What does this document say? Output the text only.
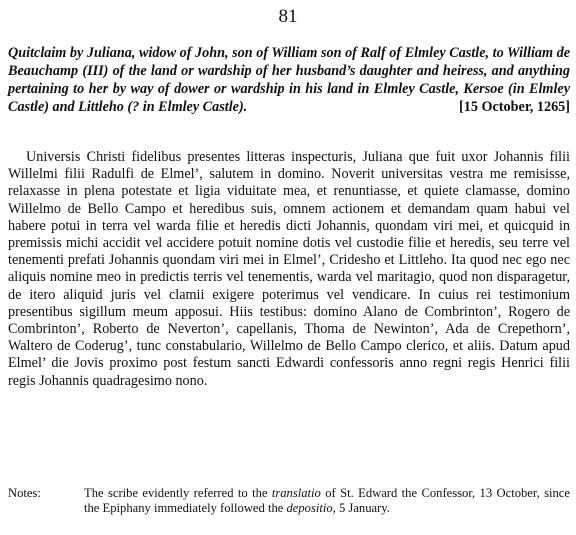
81
Quitclaim by Juliana, widow of John, son of William son of Ralf of Elmley Castle, to William de Beauchamp (III) of the land or wardship of her husband’s daughter and heiress, and anything pertaining to her by way of dower or wardship in his land in Elmley Castle, Kersoe (in Elmley Castle) and Littleho (? in Elmley Castle).	[15 October, 1265]

Universis Christi fidelibus presentes litteras inspecturis, Juliana que fuit uxor Johannis filii Willelmi filii Radulfi de Elmel’, salutem in domino. Noverit universitas vestra me remisisse, relaxasse in plena potestate et ligia viduitate mea, et renuntiasse, et quiete clamasse, domino Willelmo de Bello Campo et heredibus suis, omnem actionem et demandam quam habui vel habere potui in terra vel warda filie et heredis dicti Johannis, quondam viri mei, et quicquid in premissis michi accidit vel accidere potuit nomine dotis vel custodie filie et heredis, seu terre vel tenementi prefati Johannis quondam viri mei in Elmel’, Cridesho et Littleho. Ita quod nec ego nec aliquis nomine meo in predictis terris vel tenementis, warda vel maritagio, quod non disparagetur, de itero aliquid juris vel clamii exigere poterimus vel vendicare. In cuius rei testimonium presentibus sigillum meum apposui. Hiis testibus: domino Alano de Combrinton’, Rogero de Combrinton’, Roberto de Neverton’, capellanis, Thoma de Newinton’, Ada de Crepethorn’, Waltero de Coderug’, tunc constabulario, Willelmo de Bello Campo clerico, et aliis. Datum apud Elmel’ die Jovis proximo post festum sancti Edwardi confessoris anno regni regis Henrici filii regis Johannis quadragesimo nono.

Notes:	The scribe evidently referred to the translatio of St. Edward the Confessor, 13 October, since the Epiphany immediately followed the depositio, 5 January.
